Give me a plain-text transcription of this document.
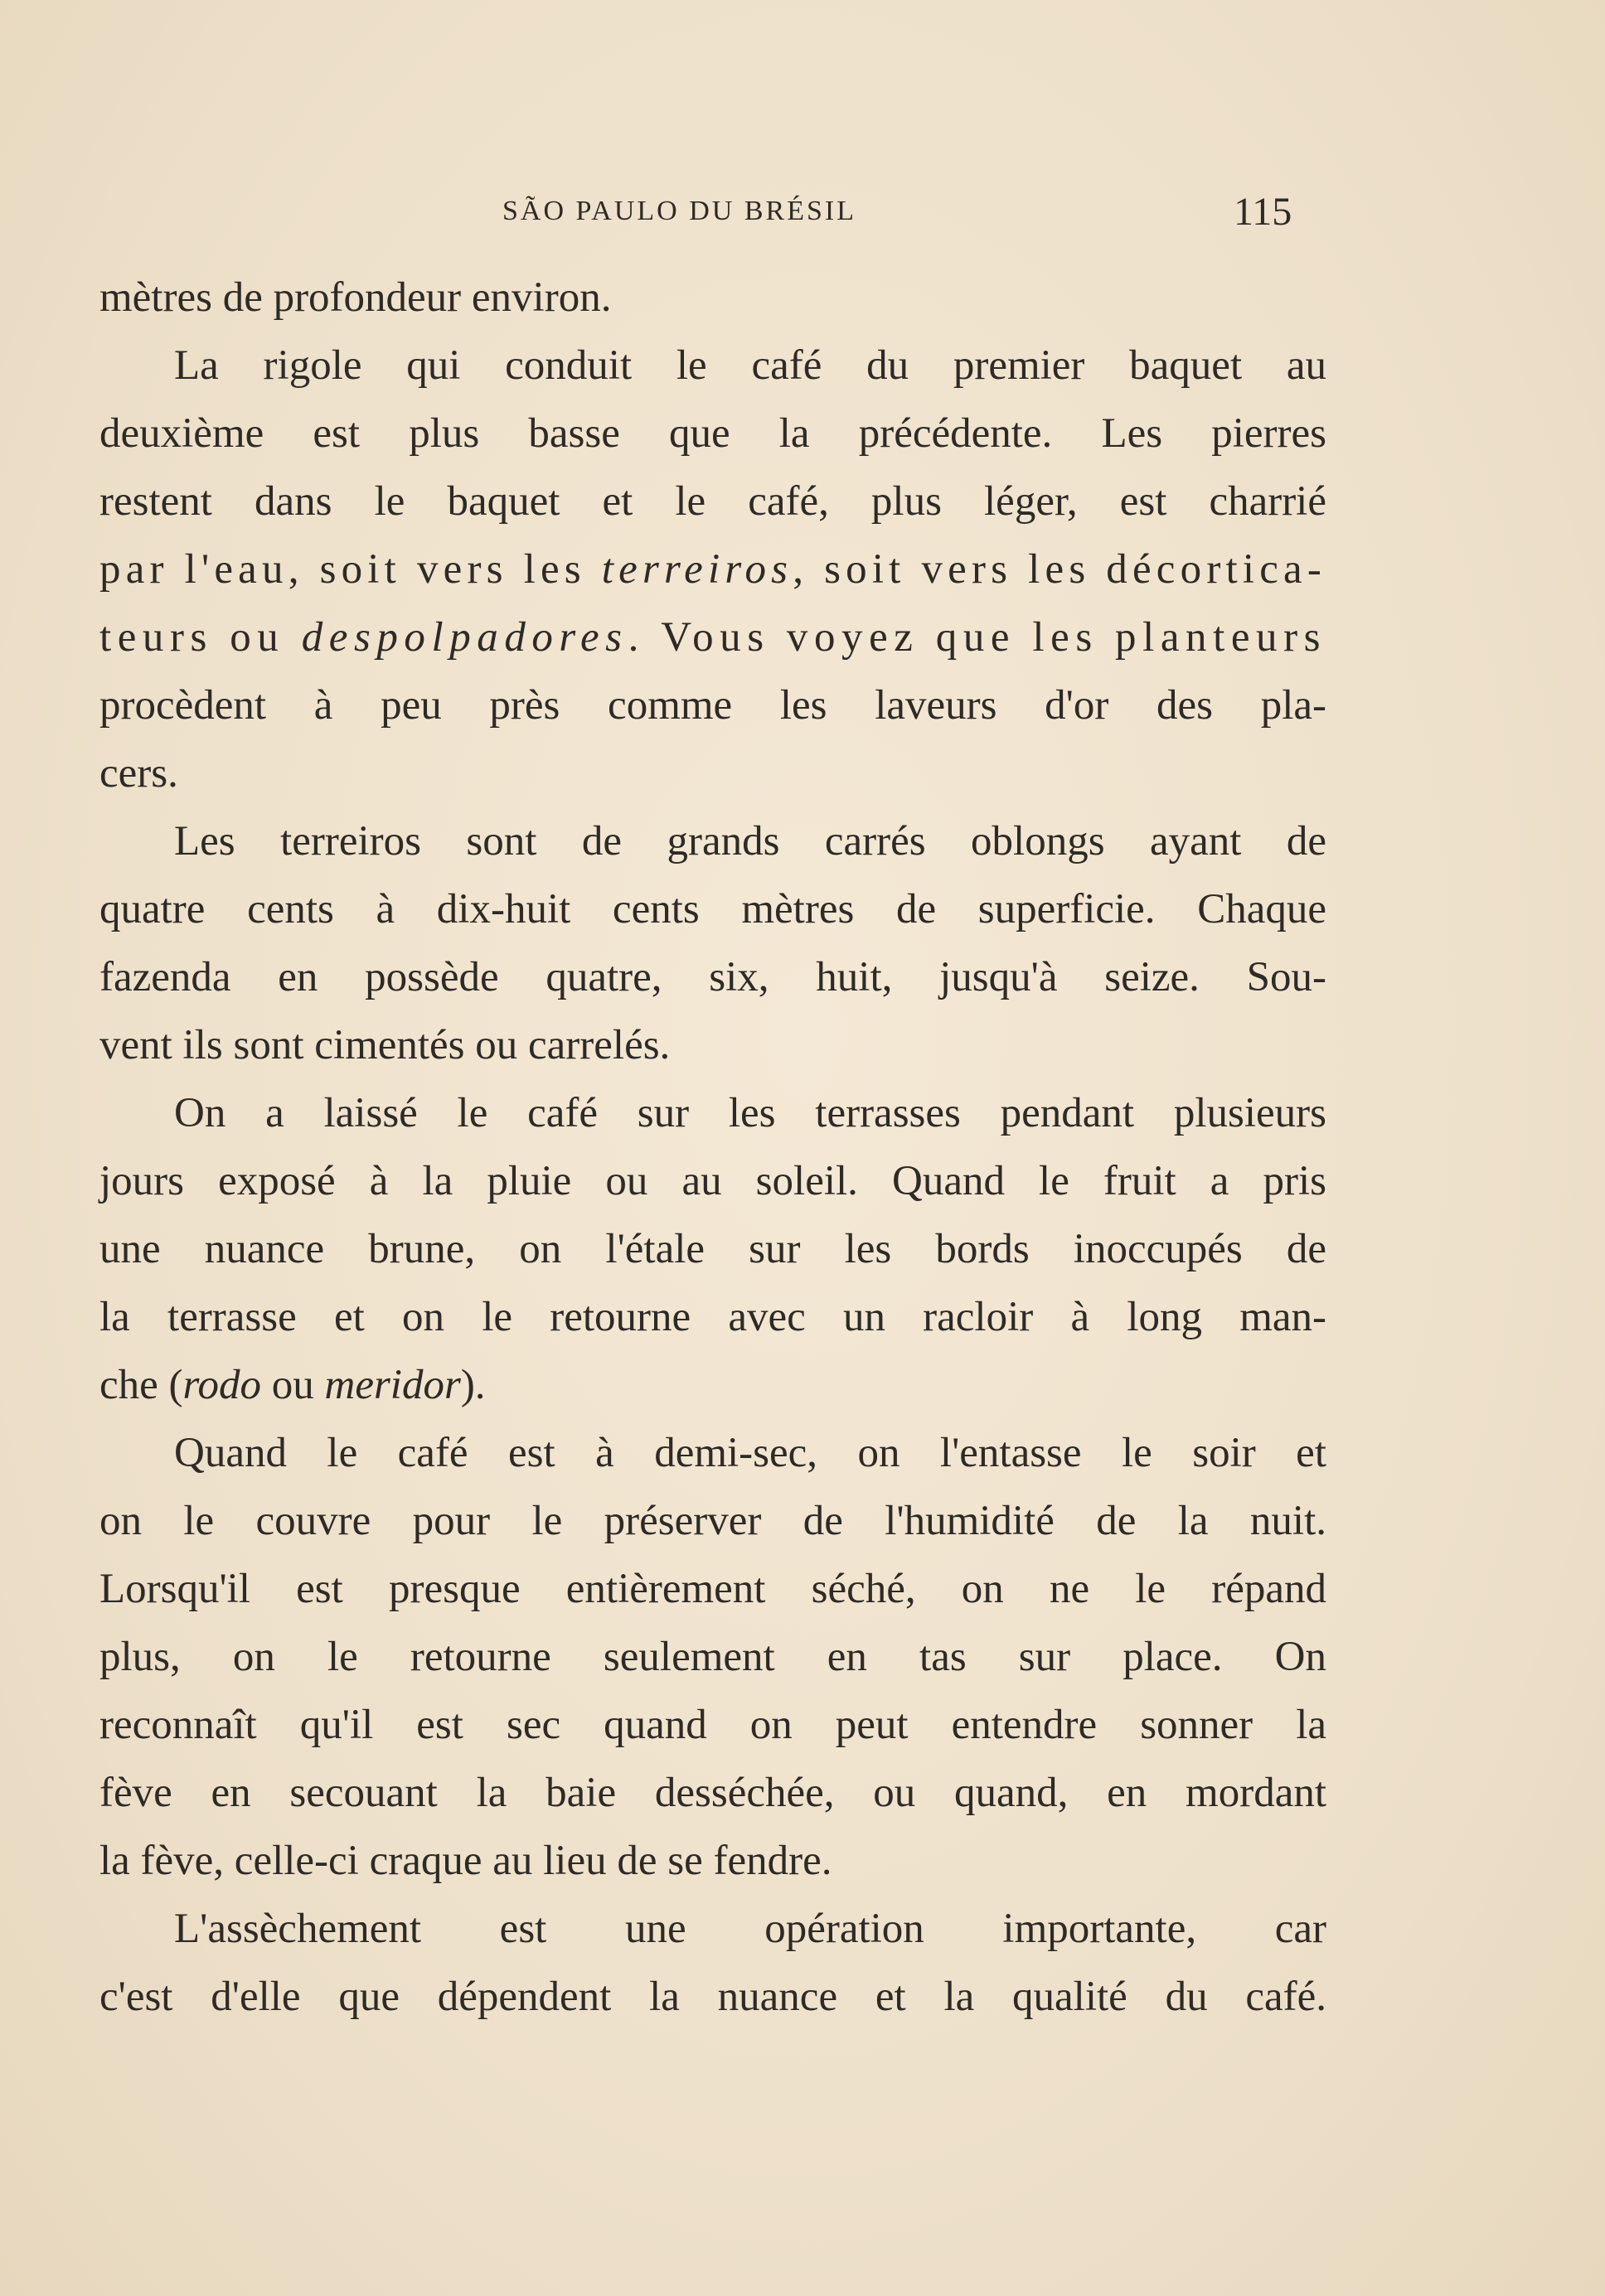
SÃO PAULO DU BRÉSIL	115
mètres de profondeur environ.
La rigole qui conduit le café du premier baquet au
deuxième est plus basse que la précédente. Les pierres
restent dans le baquet et le café, plus léger, est charrié
par l'eau, soit vers les terreiros, soit vers les décortica-
teurs ou despolpadores. Vous voyez que les planteurs
procèdent à peu près comme les laveurs d'or des pla-
cers.
Les terreiros sont de grands carrés oblongs ayant de
quatre cents à dix-huit cents mètres de superficie. Chaque
fazenda en possède quatre, six, huit, jusqu'à seize. Sou-
vent ils sont cimentés ou carrelés.
On a laissé le café sur les terrasses pendant plusieurs
jours exposé à la pluie ou au soleil. Quand le fruit a pris
une nuance brune, on l'étale sur les bords inoccupés de
la terrasse et on le retourne avec un racloir à long man-
che (rodo ou meridor).
Quand le café est à demi-sec, on l'entasse le soir et
on le couvre pour le préserver de l'humidité de la nuit.
Lorsqu'il est presque entièrement séché, on ne le répand
plus, on le retourne seulement en tas sur place. On
reconnaît qu'il est sec quand on peut entendre sonner la
fève en secouant la baie desséchée, ou quand, en mordant
la fève, celle-ci craque au lieu de se fendre.
L'assèchement est une opération importante, car
c'est d'elle que dépendent la nuance et la qualité du café.
